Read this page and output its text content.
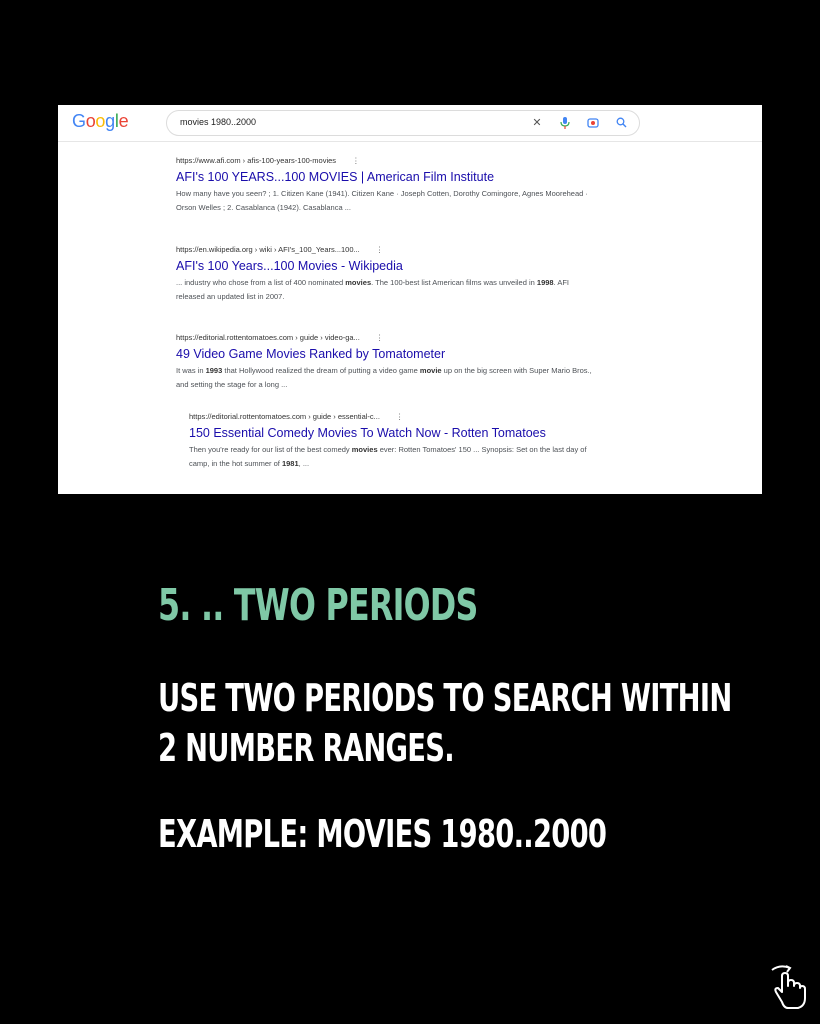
Google	movies 1980..2000	✕
https://www.afi.com › afis-100-years-100-movies ⋮
AFI's 100 YEARS...100 MOVIES | American Film Institute
How many have you seen? ; 1. Citizen Kane (1941). Citizen Kane · Joseph Cotten, Dorothy Comingore, Agnes Moorehead · Orson Welles ; 2. Casablanca (1942). Casablanca ...
https://en.wikipedia.org › wiki › AFI's_100_Years...100... ⋮
AFI's 100 Years...100 Movies - Wikipedia
... industry who chose from a list of 400 nominated movies. The 100-best list American films was unveiled in 1998. AFI released an updated list in 2007.
https://editorial.rottentomatoes.com › guide › video-ga... ⋮
49 Video Game Movies Ranked by Tomatometer
It was in 1993 that Hollywood realized the dream of putting a video game movie up on the big screen with Super Mario Bros., and setting the stage for a long ...
https://editorial.rottentomatoes.com › guide › essential-c... ⋮
150 Essential Comedy Movies To Watch Now - Rotten Tomatoes
Then you're ready for our list of the best comedy movies ever: Rotten Tomatoes' 150 ... Synopsis: Set on the last day of camp, in the hot summer of 1981, ...
5. .. TWO PERIODS
USE TWO PERIODS TO SEARCH WITHIN
2 NUMBER RANGES.
EXAMPLE: MOVIES 1980..2000
